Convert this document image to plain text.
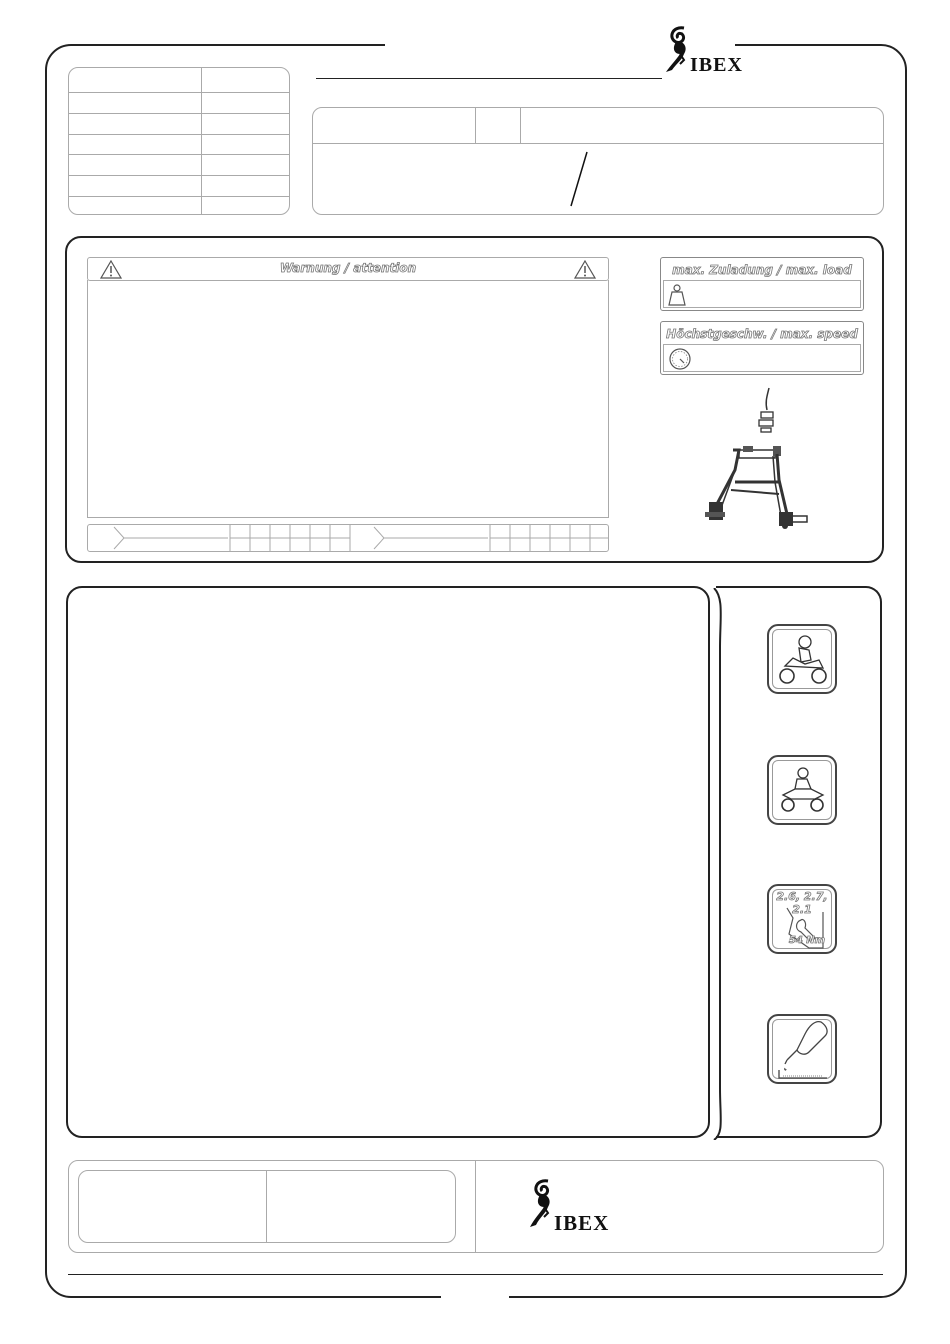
IBEX

Warnung / attention	max. Zuladung / max. load
Höchstgeschw. / max. speed
2.6, 2.7, 2.1
54 Nm
IBEX
